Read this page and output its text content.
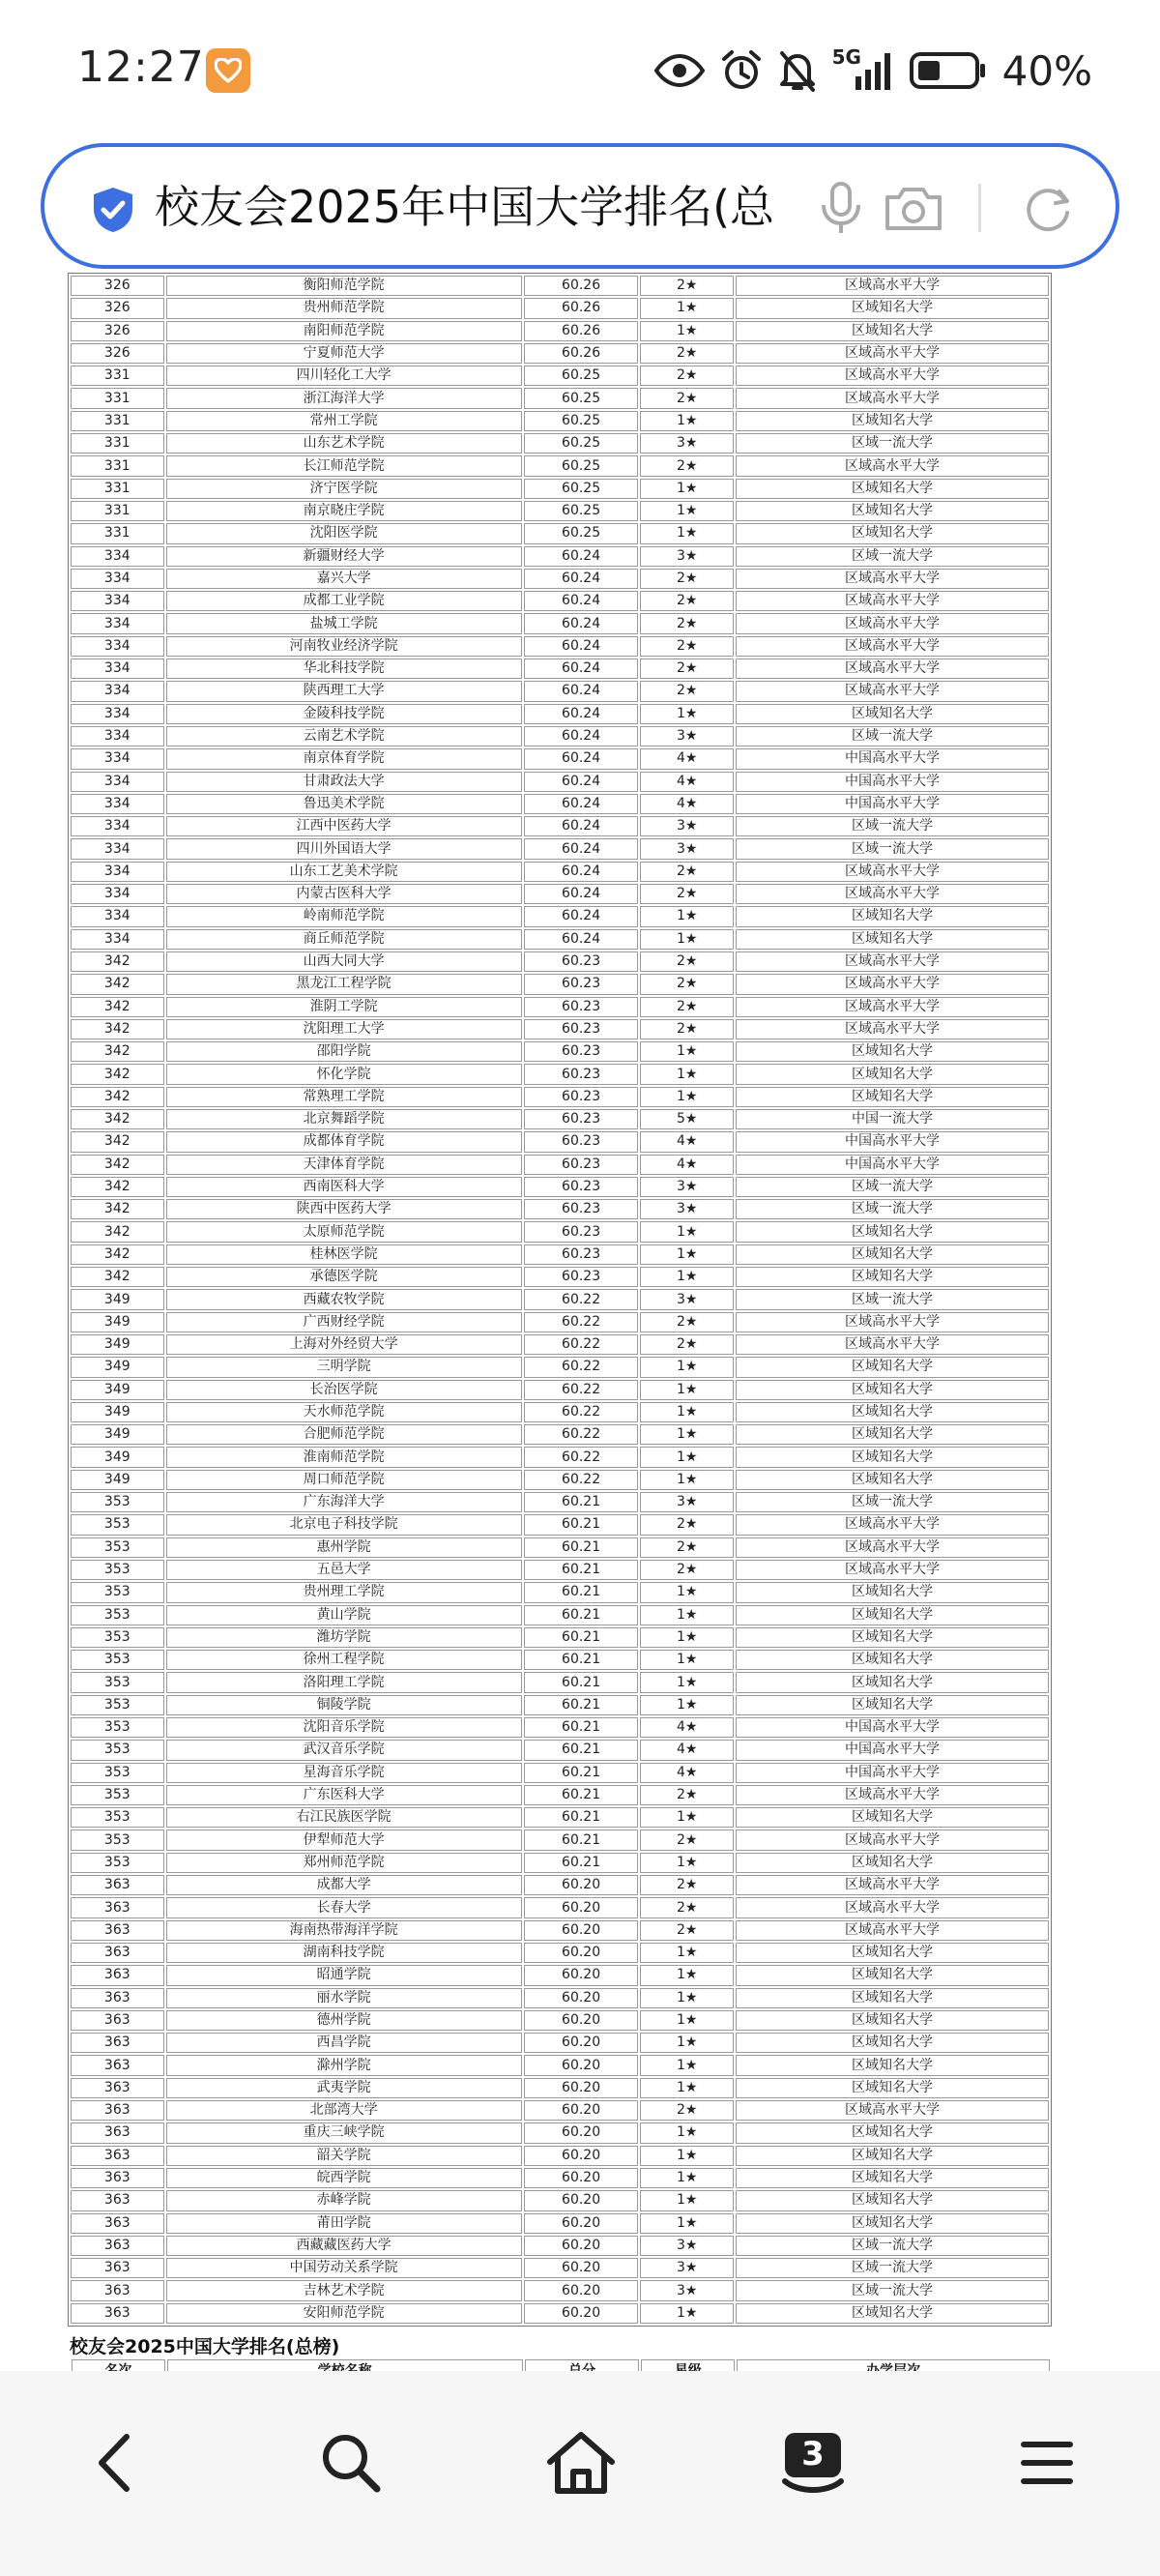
12:27	5G	40%
校友会2025年中国大学排名(总
326	衡阳师范学院	60.26	2★	区域高水平大学
326	贵州师范学院	60.26	1★	区域知名大学
326	南阳师范学院	60.26	1★	区域知名大学
326	宁夏师范大学	60.26	2★	区域高水平大学
331	四川轻化工大学	60.25	2★	区域高水平大学
331	浙江海洋大学	60.25	2★	区域高水平大学
331	常州工学院	60.25	1★	区域知名大学
331	山东艺术学院	60.25	3★	区域一流大学
331	长江师范学院	60.25	2★	区域高水平大学
331	济宁医学院	60.25	1★	区域知名大学
331	南京晓庄学院	60.25	1★	区域知名大学
331	沈阳医学院	60.25	1★	区域知名大学
334	新疆财经大学	60.24	3★	区域一流大学
334	嘉兴大学	60.24	2★	区域高水平大学
334	成都工业学院	60.24	2★	区域高水平大学
334	盐城工学院	60.24	2★	区域高水平大学
334	河南牧业经济学院	60.24	2★	区域高水平大学
334	华北科技学院	60.24	2★	区域高水平大学
334	陕西理工大学	60.24	2★	区域高水平大学
334	金陵科技学院	60.24	1★	区域知名大学
334	云南艺术学院	60.24	3★	区域一流大学
334	南京体育学院	60.24	4★	中国高水平大学
334	甘肃政法大学	60.24	4★	中国高水平大学
334	鲁迅美术学院	60.24	4★	中国高水平大学
334	江西中医药大学	60.24	3★	区域一流大学
334	四川外国语大学	60.24	3★	区域一流大学
334	山东工艺美术学院	60.24	2★	区域高水平大学
334	内蒙古医科大学	60.24	2★	区域高水平大学
334	岭南师范学院	60.24	1★	区域知名大学
334	商丘师范学院	60.24	1★	区域知名大学
342	山西大同大学	60.23	2★	区域高水平大学
342	黑龙江工程学院	60.23	2★	区域高水平大学
342	淮阴工学院	60.23	2★	区域高水平大学
342	沈阳理工大学	60.23	2★	区域高水平大学
342	邵阳学院	60.23	1★	区域知名大学
342	怀化学院	60.23	1★	区域知名大学
342	常熟理工学院	60.23	1★	区域知名大学
342	北京舞蹈学院	60.23	5★	中国一流大学
342	成都体育学院	60.23	4★	中国高水平大学
342	天津体育学院	60.23	4★	中国高水平大学
342	西南医科大学	60.23	3★	区域一流大学
342	陕西中医药大学	60.23	3★	区域一流大学
342	太原师范学院	60.23	1★	区域知名大学
342	桂林医学院	60.23	1★	区域知名大学
342	承德医学院	60.23	1★	区域知名大学
349	西藏农牧学院	60.22	3★	区域一流大学
349	广西财经学院	60.22	2★	区域高水平大学
349	上海对外经贸大学	60.22	2★	区域高水平大学
349	三明学院	60.22	1★	区域知名大学
349	长治医学院	60.22	1★	区域知名大学
349	天水师范学院	60.22	1★	区域知名大学
349	合肥师范学院	60.22	1★	区域知名大学
349	淮南师范学院	60.22	1★	区域知名大学
349	周口师范学院	60.22	1★	区域知名大学
353	广东海洋大学	60.21	3★	区域一流大学
353	北京电子科技学院	60.21	2★	区域高水平大学
353	惠州学院	60.21	2★	区域高水平大学
353	五邑大学	60.21	2★	区域高水平大学
353	贵州理工学院	60.21	1★	区域知名大学
353	黄山学院	60.21	1★	区域知名大学
353	潍坊学院	60.21	1★	区域知名大学
353	徐州工程学院	60.21	1★	区域知名大学
353	洛阳理工学院	60.21	1★	区域知名大学
353	铜陵学院	60.21	1★	区域知名大学
353	沈阳音乐学院	60.21	4★	中国高水平大学
353	武汉音乐学院	60.21	4★	中国高水平大学
353	星海音乐学院	60.21	4★	中国高水平大学
353	广东医科大学	60.21	2★	区域高水平大学
353	右江民族医学院	60.21	1★	区域知名大学
353	伊犁师范大学	60.21	2★	区域高水平大学
353	郑州师范学院	60.21	1★	区域知名大学
363	成都大学	60.20	2★	区域高水平大学
363	长春大学	60.20	2★	区域高水平大学
363	海南热带海洋学院	60.20	2★	区域高水平大学
363	湖南科技学院	60.20	1★	区域知名大学
363	昭通学院	60.20	1★	区域知名大学
363	丽水学院	60.20	1★	区域知名大学
363	德州学院	60.20	1★	区域知名大学
363	西昌学院	60.20	1★	区域知名大学
363	滁州学院	60.20	1★	区域知名大学
363	武夷学院	60.20	1★	区域知名大学
363	北部湾大学	60.20	2★	区域高水平大学
363	重庆三峡学院	60.20	1★	区域知名大学
363	韶关学院	60.20	1★	区域知名大学
363	皖西学院	60.20	1★	区域知名大学
363	赤峰学院	60.20	1★	区域知名大学
363	莆田学院	60.20	1★	区域知名大学
363	西藏藏医药大学	60.20	3★	区域一流大学
363	中国劳动关系学院	60.20	3★	区域一流大学
363	吉林艺术学院	60.20	3★	区域一流大学
363	安阳师范学院	60.20	1★	区域知名大学
校友会2025中国大学排名(总榜)

3
